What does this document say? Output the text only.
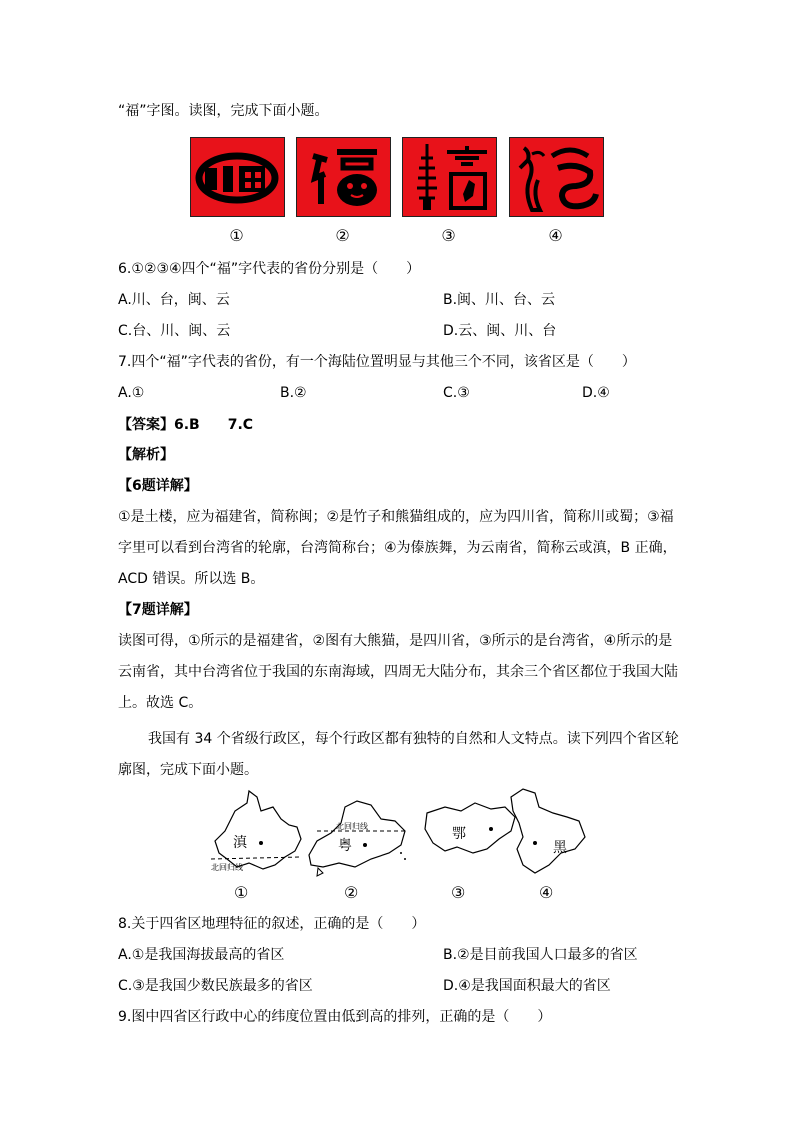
“福”字图。读图，完成下面小题。
①	②	③	④
6.①②③④四个“福”字代表的省份分别是（　　）
A.川、台，闽、云	B.闽、川、台、云
C.台、川、闽、云	D.云、闽、川、台
7.四个“福”字代表的省份，有一个海陆位置明显与其他三个不同，该省区是（　　）
A.①	B.②	C.③	D.④
【答案】6.B　　7.C
【解析】
【6题详解】
①是土楼，应为福建省，简称闽；②是竹子和熊猫组成的，应为四川省，简称川或蜀；③福
字里可以看到台湾省的轮廓，台湾简称台；④为傣族舞，为云南省，简称云或滇，B 正确，
ACD 错误。所以选 B。
【7题详解】
读图可得，①所示的是福建省，②图有大熊猫，是四川省，③所示的是台湾省，④所示的是
云南省，其中台湾省位于我国的东南海域，四周无大陆分布，其余三个省区都位于我国大陆
上。故选 C。
我国有 34 个省级行政区，每个行政区都有独特的自然和人文特点。读下列四个省区轮
廓图，完成下面小题。
滇	粤
鄂
黑
北回归线
北回归线
①	②	③	④
8.关于四省区地理特征的叙述，正确的是（　　）
A.①是我国海拔最高的省区	B.②是目前我国人口最多的省区
C.③是我国少数民族最多的省区	D.④是我国面积最大的省区
9.图中四省区行政中心的纬度位置由低到高的排列，正确的是（　　）
